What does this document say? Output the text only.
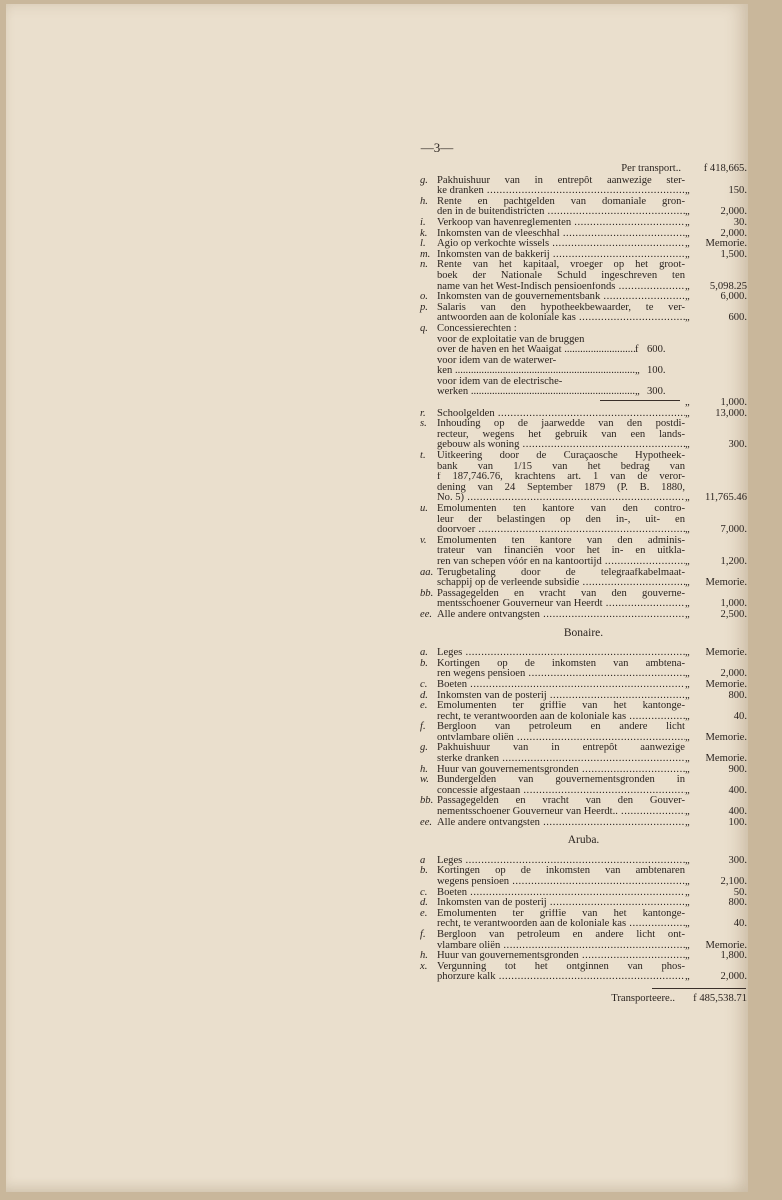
—3—
Per transport..	f 418,665.
g. Pakhuishuur van in entrepôt aanwezige ster-
ke dranken .....	„	150.
h. Rente en pachtgelden van domaniale gron-
den in de buitendistricten .....	„	2,000.
i.	Verkoop van havenreglementen .....	„	30.
k. Inkomsten van de vleeschhal .....	„	2,000.
l.	Agio op verkochte wissels .....	„	Memorie.
m. Inkomsten van de bakkerij .....	„	1,500.
n. Rente van het kapitaal, vroeger op het groot-
boek der Nationale Schuld ingeschreven ten
name van het West-Indisch pensioenfonds .....	„	5,098.25
o. Inkomsten van de gouvernementsbank .....	„	6,000.
p. Salaris van den hypotheekbewaarder, te ver-
antwoorden aan de koloniale kas .....	„	600.
q. Concessierechten :
voor de exploitatie van de bruggen
over de haven en het Waaigat .....	f 600.
voor idem van de waterwer-
ken .....	„ 100.
voor idem van de electrische-
werken .....	„ 300.
„	1,000.
r.	Schoolgelden .....	„	13,000.
s. Inhouding op de jaarwedde van den postdi-
recteur, wegens het gebruik van een lands-
gebouw als woning .....	„	300.
t.	Uitkeering door de Curaçaosche Hypotheek-
bank van 1/15 van het bedrag van
f 187,746.76, krachtens art. 1 van de veror-
dening van 24 September 1879 (P. B. 1880,
No. 5) .....	„	11,765.46
u. Emolumenten ten kantore van den contro-
leur der belastingen op den in-, uit- en
doorvoer .....	„	7,000.
v. Emolumenten ten kantore van den adminis-
trateur van financiën voor het in- en uitkla-
ren van schepen vóór en na kantoortijd .....	„	1,200.
aa. Terugbetaling door de telegraafkabelmaat-
schappij op de verleende subsidie .....	„	Memorie.
bb. Passagegelden en vracht van den gouverne-
mentsschoener Gouverneur van Heerdt .....	„	1,000.
ee. Alle andere ontvangsten .....	„	2,500.
Bonaire.
a. Leges .....	„	Memorie.
b. Kortingen op de inkomsten van ambtena-
ren wegens pensioen .....	„	2,000.
c. Boeten .....	„	Memorie.
d. Inkomsten van de posterij .....	„	800.
e. Emolumenten ter griffie van het kantonge-
recht, te verantwoorden aan de koloniale kas .....	„	40.
f.	Bergloon van petroleum en andere licht
ontvlambare oliën .....	„	Memorie.
g. Pakhuishuur van in entrepôt aanwezige
sterke dranken .....	„	Memorie.
h. Huur van gouvernementsgronden .....	„	900.
w. Bundergelden van gouvernementsgronden in
concessie afgestaan .....	„	400.
bb. Passagegelden en vracht van den Gouver-
nementsschoener Gouverneur van Heerdt.. .....	„	400.
ee. Alle andere ontvangsten .....	„	100.
Aruba.
a	Leges .....	„	300.
b. Kortingen op de inkomsten van ambtenaren
wegens pensioen .....	„	2,100.
c. Boeten .....	„	50.
d. Inkomsten van de posterij .....	„	800.
e. Emolumenten ter griffie van het kantonge-
recht, te verantwoorden aan de koloniale kas .....	„	40.
f.	Bergloon van petroleum en andere licht ont-
vlambare oliën .....	„	Memorie.
h. Huur van gouvernementsgronden .....	„	1,800.
x. Vergunning tot het ontginnen van phos-
phorzure kalk .....	„	2,000.
Transporteere..	f 485,538.71
